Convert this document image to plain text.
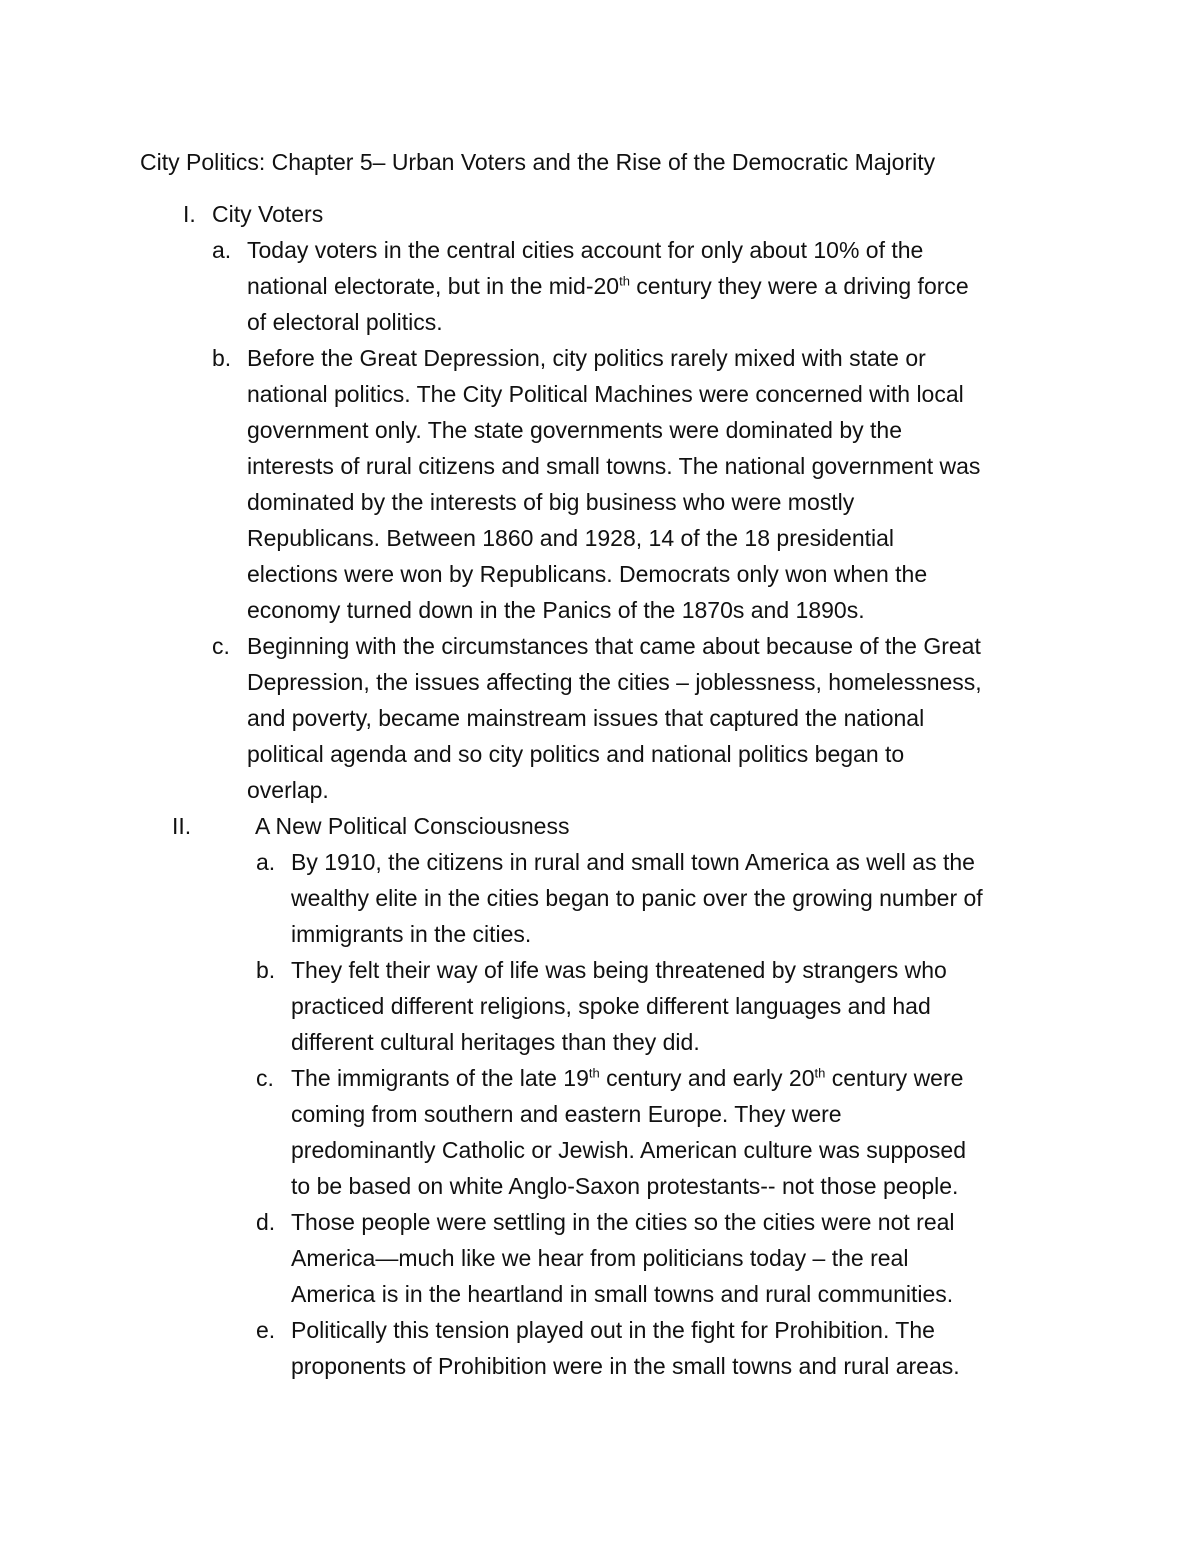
City Politics: Chapter 5– Urban Voters and the Rise of the Democratic Majority
I. City Voters
a. Today voters in the central cities account for only about 10% of the
national electorate, but in the mid-20th century they were a driving force
of electoral politics.
b. Before the Great Depression, city politics rarely mixed with state or
national politics. The City Political Machines were concerned with local
government only. The state governments were dominated by the
interests of rural citizens and small towns. The national government was
dominated by the interests of big business who were mostly
Republicans. Between 1860 and 1928, 14 of the 18 presidential
elections were won by Republicans. Democrats only won when the
economy turned down in the Panics of the 1870s and 1890s.
c. Beginning with the circumstances that came about because of the Great
Depression, the issues affecting the cities – joblessness, homelessness,
and poverty, became mainstream issues that captured the national
political agenda and so city politics and national politics began to
overlap.
II.	A New Political Consciousness
a. By 1910, the citizens in rural and small town America as well as the
wealthy elite in the cities began to panic over the growing number of
immigrants in the cities.
b. They felt their way of life was being threatened by strangers who
practiced different religions, spoke different languages and had
different cultural heritages than they did.
c. The immigrants of the late 19th century and early 20th century were
coming from southern and eastern Europe. They were
predominantly Catholic or Jewish. American culture was supposed
to be based on white Anglo-Saxon protestants-- not those people.
d. Those people were settling in the cities so the cities were not real
America—much like we hear from politicians today – the real
America is in the heartland in small towns and rural communities.
e. Politically this tension played out in the fight for Prohibition. The
proponents of Prohibition were in the small towns and rural areas.
